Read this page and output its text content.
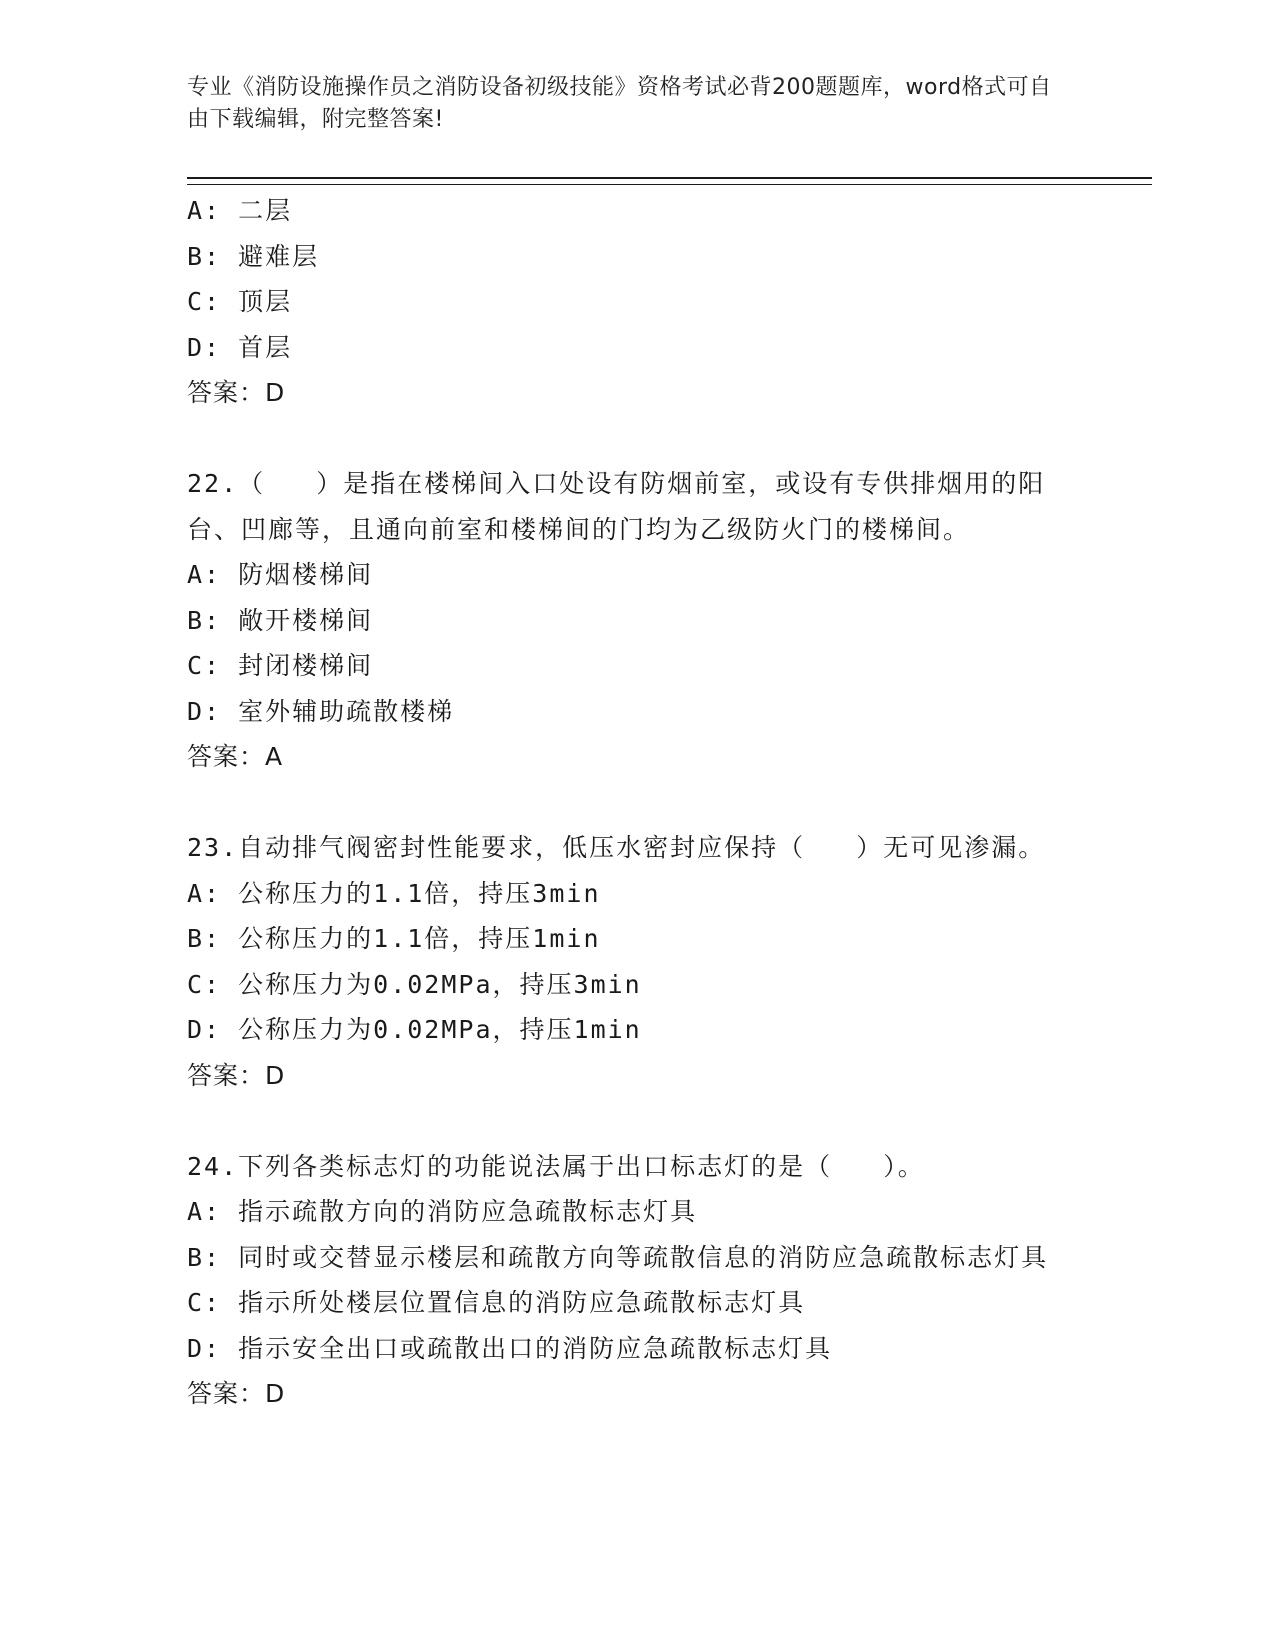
专业《消防设施操作员之消防设备初级技能》资格考试必背200题题库，word格式可自由下载编辑，附完整答案!
A: 二层
B: 避难层
C: 顶层
D: 首层
答案：D
22.（   ）是指在楼梯间入口处设有防烟前室，或设有专供排烟用的阳台、凹廊等，且通向前室和楼梯间的门均为乙级防火门的楼梯间。
A: 防烟楼梯间
B: 敞开楼梯间
C: 封闭楼梯间
D: 室外辅助疏散楼梯
答案：A
23.自动排气阀密封性能要求，低压水密封应保持（   ）无可见渗漏。
A: 公称压力的1.1倍，持压3min
B: 公称压力的1.1倍，持压1min
C: 公称压力为0.02MPa，持压3min
D: 公称压力为0.02MPa，持压1min
答案：D
24.下列各类标志灯的功能说法属于出口标志灯的是（   ）。
A: 指示疏散方向的消防应急疏散标志灯具
B: 同时或交替显示楼层和疏散方向等疏散信息的消防应急疏散标志灯具
C: 指示所处楼层位置信息的消防应急疏散标志灯具
D: 指示安全出口或疏散出口的消防应急疏散标志灯具
答案：D
